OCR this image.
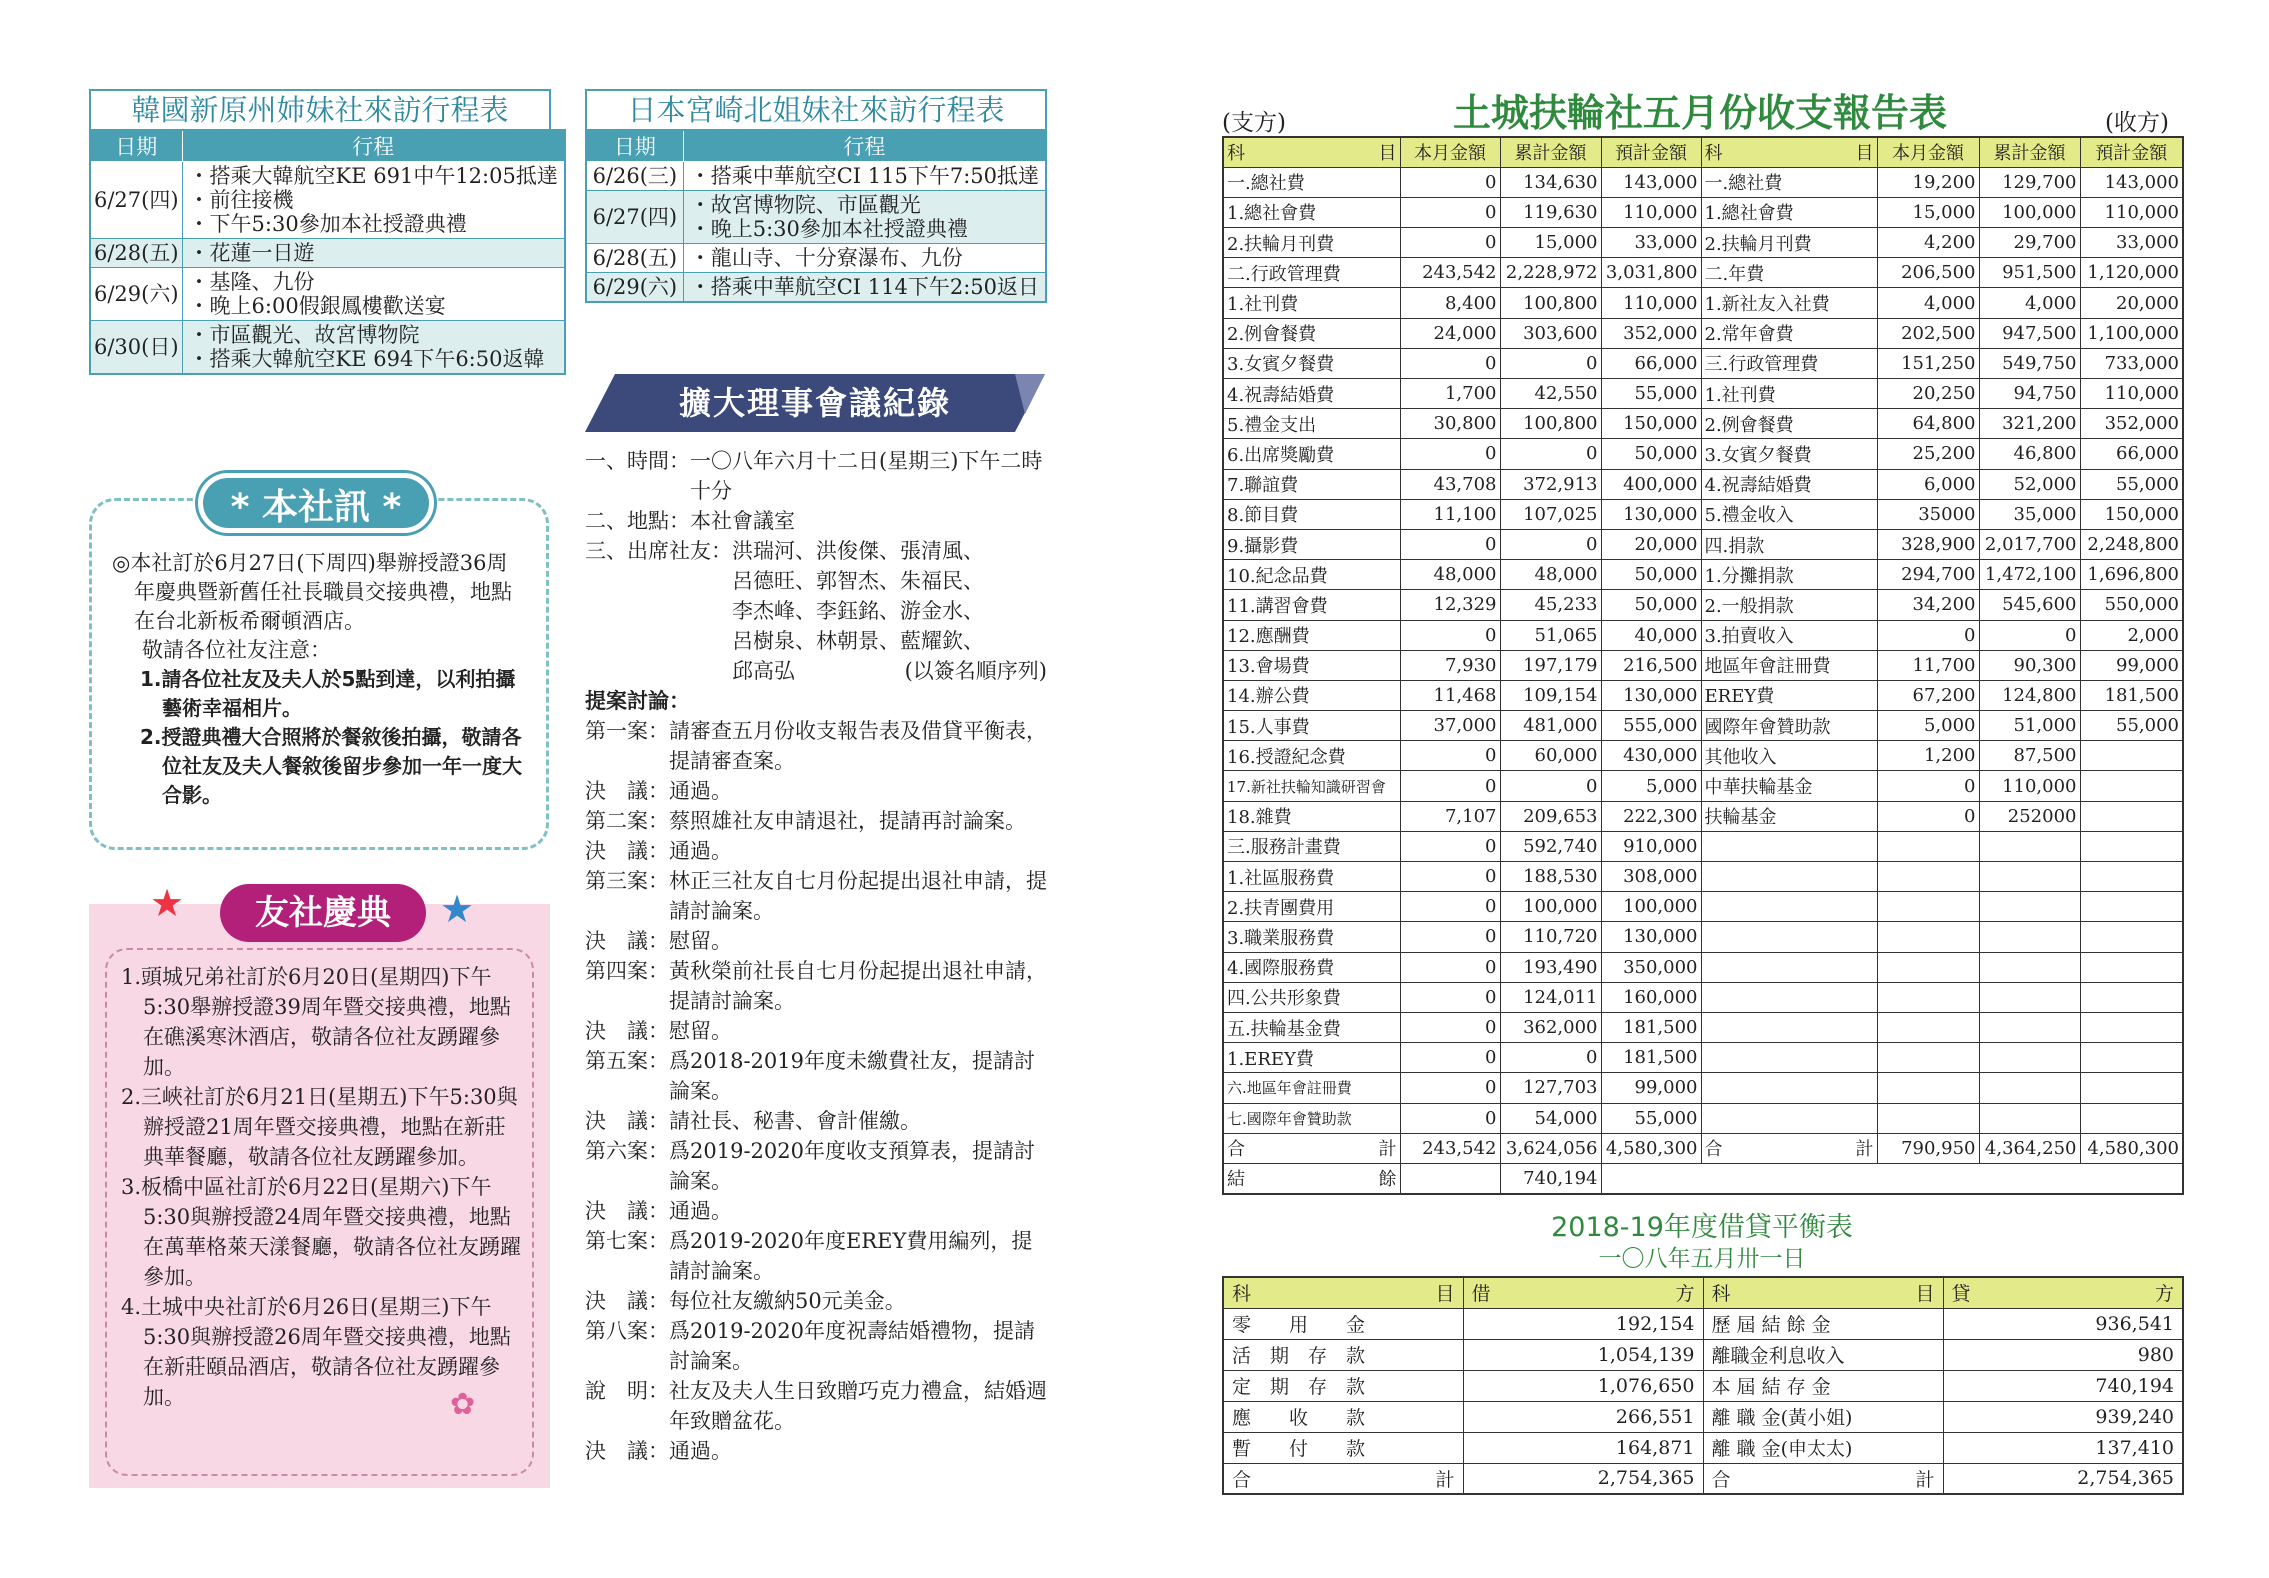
韓國新原州姉妹社來訪行程表
日期	行程
6/27(四)	・搭乘大韓航空KE 691中午12:05抵達
・前往接機
・下午5:30參加本社授證典禮

6/28(五)	・花蓮一日遊

6/29(六)	・基隆、九份
・晚上6:00假銀鳳樓歡送宴

6/30(日)	・市區觀光、故宮博物院
・搭乘大韓航空KE 694下午6:50返韓
◎本社訂於6月27日(下周四)舉辦授證36周年慶典暨新舊任社長職員交接典禮，地點在台北新板希爾頓酒店。
敬請各位社友注意：
1.請各位社友及夫人於5點到達，以利拍攝藝術幸福相片。
2.授證典禮大合照將於餐敘後拍攝，敬請各位社友及夫人餐敘後留步參加一年一度大合影。
* 本社訊 *
1.頭城兄弟社訂於6月20日(星期四)下午5:30舉辦授證39周年暨交接典禮，地點在礁溪寒沐酒店，敬請各位社友踴躍參加。
2.三峽社訂於6月21日(星期五)下午5:30與辦授證21周年暨交接典禮，地點在新莊典華餐廳，敬請各位社友踴躍參加。
3.板橋中區社訂於6月22日(星期六)下午5:30與辦授證24周年暨交接典禮，地點在萬華格萊天漾餐廳，敬請各位社友踴躍參加。
4.土城中央社訂於6月26日(星期三)下午5:30與辦授證26周年暨交接典禮，地點在新莊頤品酒店，敬請各位社友踴躍參加。
友社慶典
★	★
✿
日本宮崎北姐妹社來訪行程表
日期	行程
6/26(三)	・搭乘中華航空CI 115下午7:50抵達

6/27(四)	・故宮博物院、市區觀光
・晚上5:30參加本社授證典禮

6/28(五)	・龍山寺、十分寮瀑布、九份

6/29(六)	・搭乘中華航空CI 114下午2:50返日
擴大理事會議紀錄
一、時間： 一〇八年六月十二日(星期三)下午二時十分
二、地點： 本社會議室
三、出席社友： 洪瑞河、洪俊傑、張清風、
呂德旺、郭智杰、朱福民、
李杰峰、李鈺銘、游金水、
呂樹泉、林朝景、藍耀欽、
邱高弘	(以簽名順序列)
提案討論：
第一案： 請審查五月份收支報告表及借貸平衡表，提請審查案。
決　議： 通過。
第二案： 蔡照雄社友申請退社，提請再討論案。
決　議： 通過。
第三案： 林正三社友自七月份起提出退社申請，提請討論案。
決　議： 慰留。
第四案： 黃秋榮前社長自七月份起提出退社申請，提請討論案。
決　議： 慰留。
第五案： 爲2018-2019年度未繳費社友，提請討論案。
決　議： 請社長、秘書、會計催繳。
第六案： 爲2019-2020年度收支預算表，提請討論案。
決　議： 通過。
第七案： 爲2019-2020年度EREY費用編列，提請討論案。
決　議： 每位社友繳納50元美金。
第八案： 爲2019-2020年度祝壽結婚禮物，提請討論案。
說　明： 社友及夫人生日致贈巧克力禮盒，結婚週年致贈盆花。
決　議： 通過。
(支方)	(收方)
土城扶輪社五月份收支報告表
科 目	本月金額	累計金額	預計金額	科 目	本月金額	累計金額	預計金額
一.總社費	0	134,630	143,000	一.總社費	19,200	129,700	143,000
1.總社會費	0	119,630	110,000	1.總社會費	15,000	100,000	110,000
2.扶輪月刊費	0	15,000	33,000	2.扶輪月刊費	4,200	29,700	33,000
二.行政管理費	243,542	2,228,972	3,031,800	二.年費	206,500	951,500	1,120,000
1.社刊費	8,400	100,800	110,000	1.新社友入社費	4,000	4,000	20,000
2.例會餐費	24,000	303,600	352,000	2.常年會費	202,500	947,500	1,100,000
3.女賓夕餐費	0	0	66,000	三.行政管理費	151,250	549,750	733,000
4.祝壽結婚費	1,700	42,550	55,000	1.社刊費	20,250	94,750	110,000
5.禮金支出	30,800	100,800	150,000	2.例會餐費	64,800	321,200	352,000
6.出席獎勵費	0	0	50,000	3.女賓夕餐費	25,200	46,800	66,000
7.聯誼費	43,708	372,913	400,000	4.祝壽結婚費	6,000	52,000	55,000
8.節目費	11,100	107,025	130,000	5.禮金收入	35000	35,000	150,000
9.攝影費	0	0	20,000	四.捐款	328,900	2,017,700	2,248,800
10.紀念品費	48,000	48,000	50,000	1.分攤捐款	294,700	1,472,100	1,696,800
11.講習會費	12,329	45,233	50,000	2.一般捐款	34,200	545,600	550,000
12.應酬費	0	51,065	40,000	3.拍賣收入	0	0	2,000
13.會場費	7,930	197,179	216,500	地區年會註冊費	11,700	90,300	99,000
14.辦公費	11,468	109,154	130,000	EREY費	67,200	124,800	181,500
15.人事費	37,000	481,000	555,000	國際年會贊助款	5,000	51,000	55,000
16.授證紀念費	0	60,000	430,000	其他收入	1,200	87,500	
17.新社扶輪知識研習會	0	0	5,000	中華扶輪基金	0	110,000	
18.雜費	7,107	209,653	222,300	扶輪基金	0	252000	
三.服務計畫費	0	592,740	910,000				
1.社區服務費	0	188,530	308,000				
2.扶青團費用	0	100,000	100,000				
3.職業服務費	0	110,720	130,000				
4.國際服務費	0	193,490	350,000				
四.公共形象費	0	124,011	160,000				
五.扶輪基金費	0	362,000	181,500				
1.EREY費	0	0	181,500				
六.地區年會註冊費	0	127,703	99,000				
七.國際年會贊助款	0	54,000	55,000				

合 計	243,542	3,624,056	4,580,300	合 計	790,950	4,364,250	4,580,300

結 餘		740,194					
2018-19年度借貸平衡表
一〇八年五月卅一日
科 目	借 方	科 目	貸 方

零　　用　　金	192,154	歷 屆 結 餘 金	936,541
活　期　存　款	1,054,139	離職金利息收入	980
定　期　存　款	1,076,650	本 屆 結 存 金	740,194
應　　收　　款	266,551	離 職 金(黃小姐)	939,240
暫　　付　　款	164,871	離 職 金(申太太)	137,410

合 計	2,754,365	合 計	2,754,365
